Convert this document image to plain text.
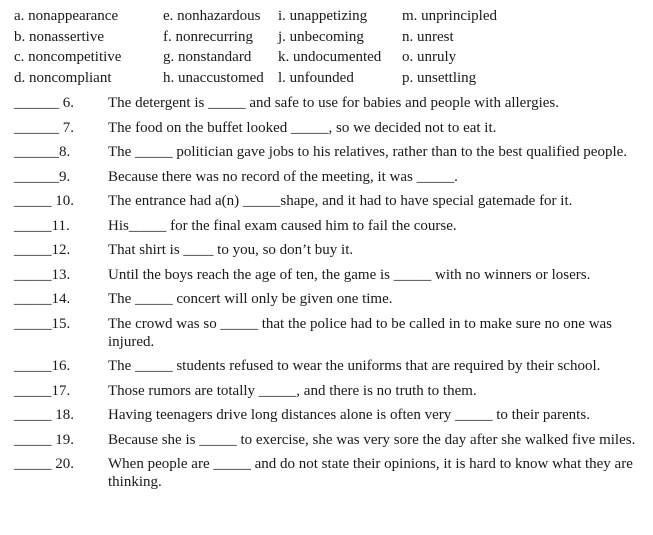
a. nonappearance	e. nonhazardous i. unappetizing m. unprincipled
b. nonassertive	f. nonrecurring j. unbecoming	n. unrest
c. noncompetitive	g. nonstandard k. undocumented o. unruly
d. noncompliant	h. unaccustomed l. unfounded	p. unsettling
______ 6. The detergent is _____ and safe to use for babies and people with allergies.
______ 7. The food on the buffet looked _____, so we decided not to eat it.
______8.	The _____ politician gave jobs to his relatives, rather than to the best qualified people.
______9.	Because there was no record of the meeting, it was _____.
_____ 10. The entrance had a(n) _____shape, and it had to have special gatemade for it.
_____11.	His_____ for the final exam caused him to fail the course.
_____12.	That shirt is ____ to you, so don’t buy it.
_____13.	Until the boys reach the age of ten, the game is _____ with no winners or losers.
_____14.	The _____ concert will only be given one time.
_____15.	The crowd was so _____ that the police had to be called in to make sure no one was injured.
_____16.	The _____ students refused to wear the uniforms that are required by their school.
_____17.	Those rumors are totally _____, and there is no truth to them.
_____ 18. Having teenagers drive long distances alone is often very _____ to their parents.
_____ 19. Because she is _____ to exercise, she was very sore the day after she walked five miles.
_____ 20. When people are _____ and do not state their opinions, it is hard to know what they are thinking.
